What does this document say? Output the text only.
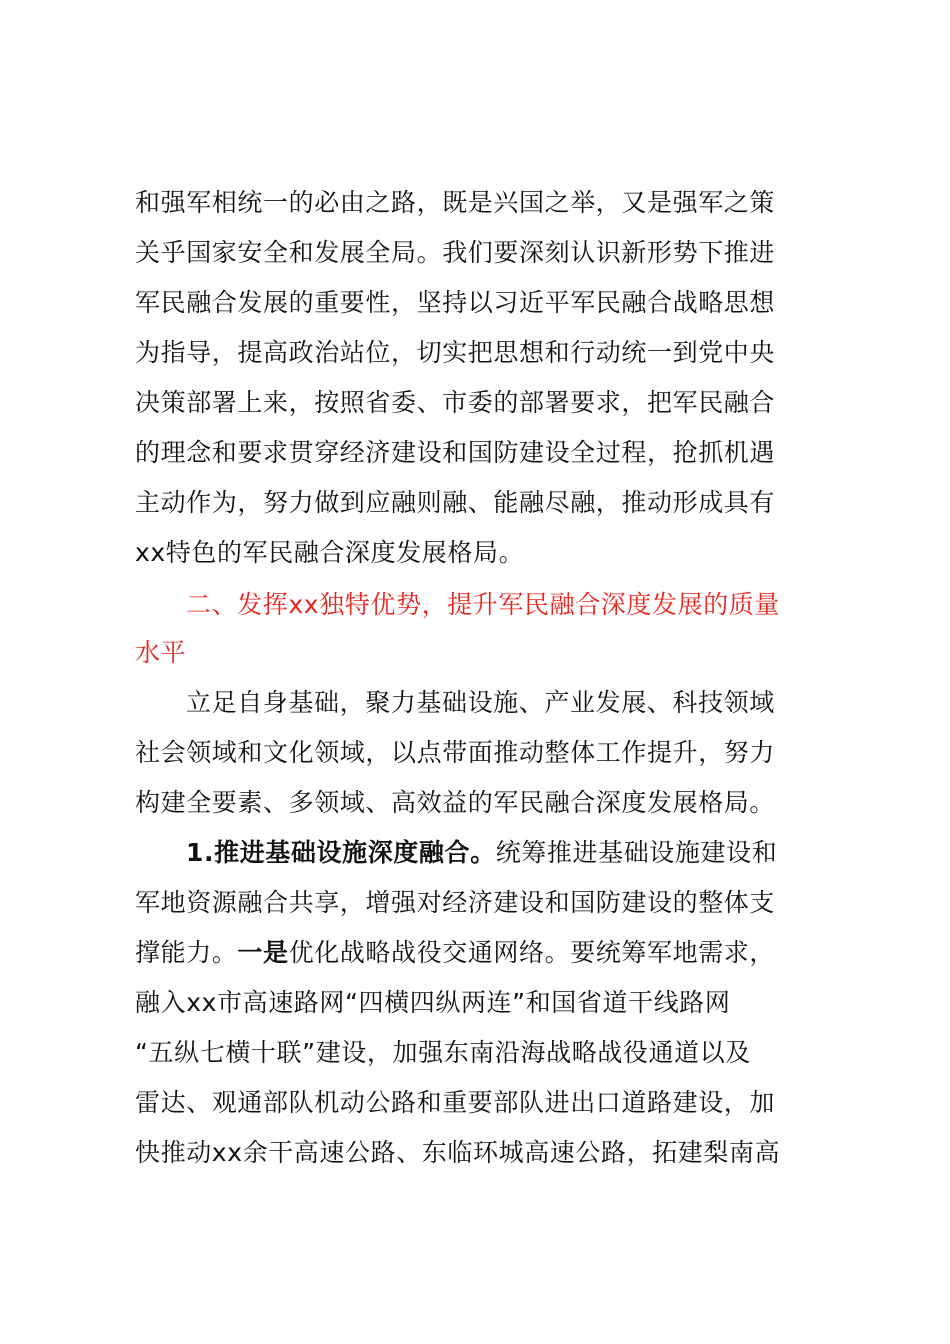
和强军相统一的必由之路，既是兴国之举，又是强军之策
关乎国家安全和发展全局。我们要深刻认识新形势下推进
军民融合发展的重要性，坚持以习近平军民融合战略思想
为指导，提高政治站位，切实把思想和行动统一到党中央
决策部署上来，按照省委、市委的部署要求，把军民融合
的理念和要求贯穿经济建设和国防建设全过程，抢抓机遇
主动作为，努力做到应融则融、能融尽融，推动形成具有
xx特色的军民融合深度发展格局。
二、发挥xx独特优势，提升军民融合深度发展的质量
水平
立足自身基础，聚力基础设施、产业发展、科技领域
社会领域和文化领域，以点带面推动整体工作提升，努力
构建全要素、多领域、高效益的军民融合深度发展格局。
1.推进基础设施深度融合。统筹推进基础设施建设和
军地资源融合共享，增强对经济建设和国防建设的整体支
撑能力。一是优化战略战役交通网络。要统筹军地需求，
融入xx市高速路网“四横四纵两连”和国省道干线路网
“五纵七横十联”建设，加强东南沿海战略战役通道以及
雷达、观通部队机动公路和重要部队进出口道路建设，加
快推动xx余干高速公路、东临环城高速公路，拓建梨南高
